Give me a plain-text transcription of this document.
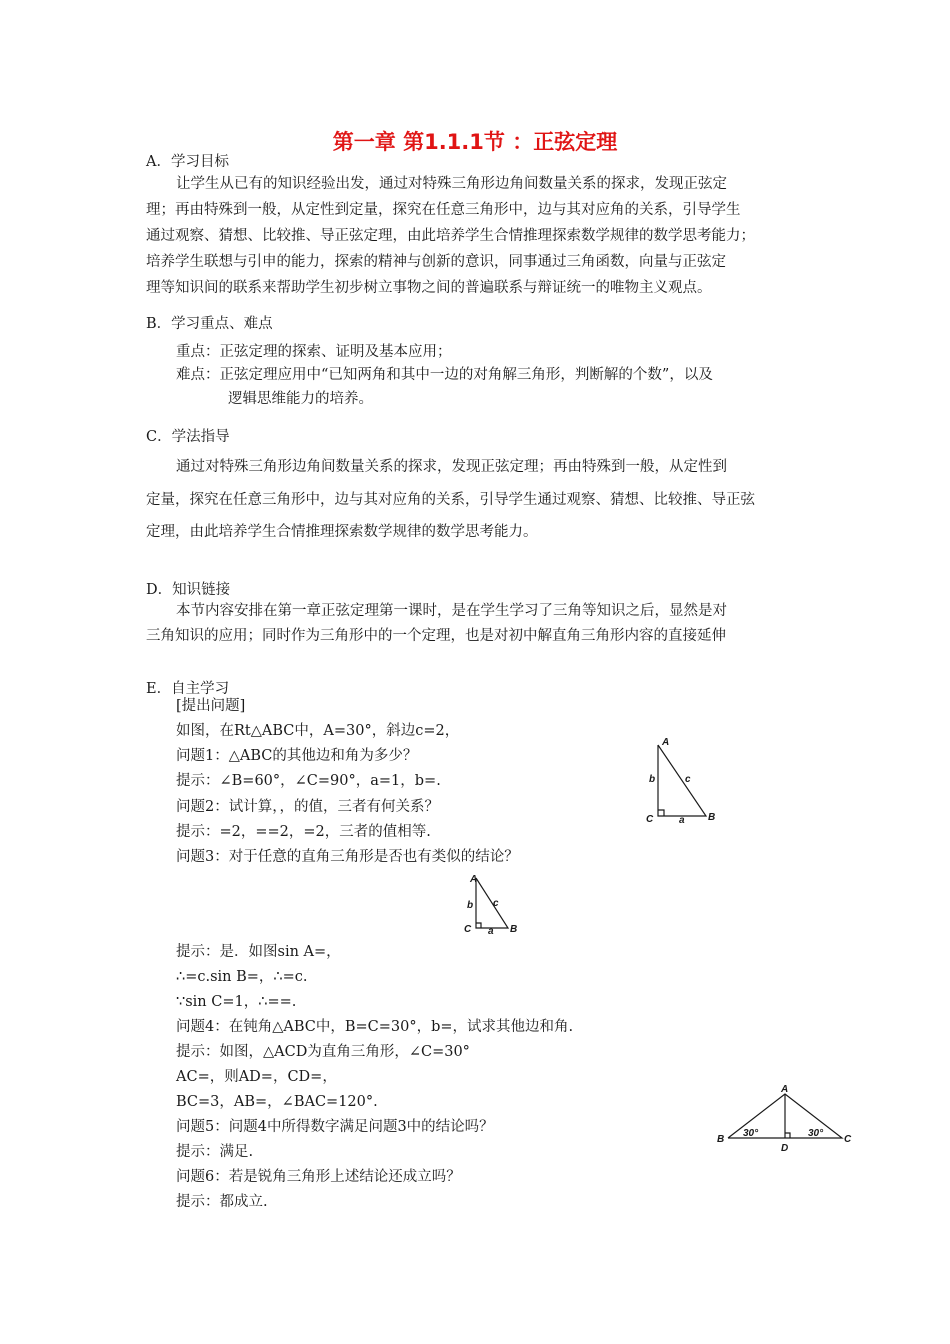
第一章 第1.1.1节 ：正弦定理
A．学习目标
让学生从已有的知识经验出发，通过对特殊三角形边角间数量关系的探求，发现正弦定
理；再由特殊到一般，从定性到定量，探究在任意三角形中，边与其对应角的关系，引导学生
通过观察、猜想、比较推、导正弦定理，由此培养学生合情推理探索数学规律的数学思考能力；
培养学生联想与引申的能力，探索的精神与创新的意识，同事通过三角函数，向量与正弦定
理等知识间的联系来帮助学生初步树立事物之间的普遍联系与辩证统一的唯物主义观点。
B．学习重点、难点
重点：正弦定理的探索、证明及基本应用；
难点：正弦定理应用中“已知两角和其中一边的对角解三角形，判断解的个数”，以及
逻辑思维能力的培养。
C．学法指导
通过对特殊三角形边角间数量关系的探求，发现正弦定理；再由特殊到一般，从定性到
定量，探究在任意三角形中，边与其对应角的关系，引导学生通过观察、猜想、比较推、导正弦
定理，由此培养学生合情推理探索数学规律的数学思考能力。
D．知识链接
本节内容安排在第一章正弦定理第一课时，是在学生学习了三角等知识之后，显然是对
三角知识的应用；同时作为三角形中的一个定理，也是对初中解直角三角形内容的直接延伸
E．自主学习
[提出问题]
如图，在Rt△ABC中，A=30°，斜边c=2，
问题1：△ABC的其他边和角为多少？
提示：∠B=60°，∠C=90°，a=1，b=.
问题2：试计算，，的值，三者有何关系？
提示：=2，==2，=2，三者的值相等.
问题3：对于任意的直角三角形是否也有类似的结论？
提示：是．如图sin A=，
∴=c.sin B=，∴=c.
∵sin C=1，∴==.
问题4：在钝角△ABC中，B=C=30°，b=，试求其他边和角.
提示：如图，△ACD为直角三角形，∠C=30°
AC=，则AD=，CD=，
BC=3，AB=，∠BAC=120°.
问题5：问题4中所得数字满足问题3中的结论吗？
提示：满足.
问题6：若是锐角三角形上述结论还成立吗？
提示：都成立.
A
B
C	a
b	c
A
B
C a
b c
A
B	C
D
30°	30°
